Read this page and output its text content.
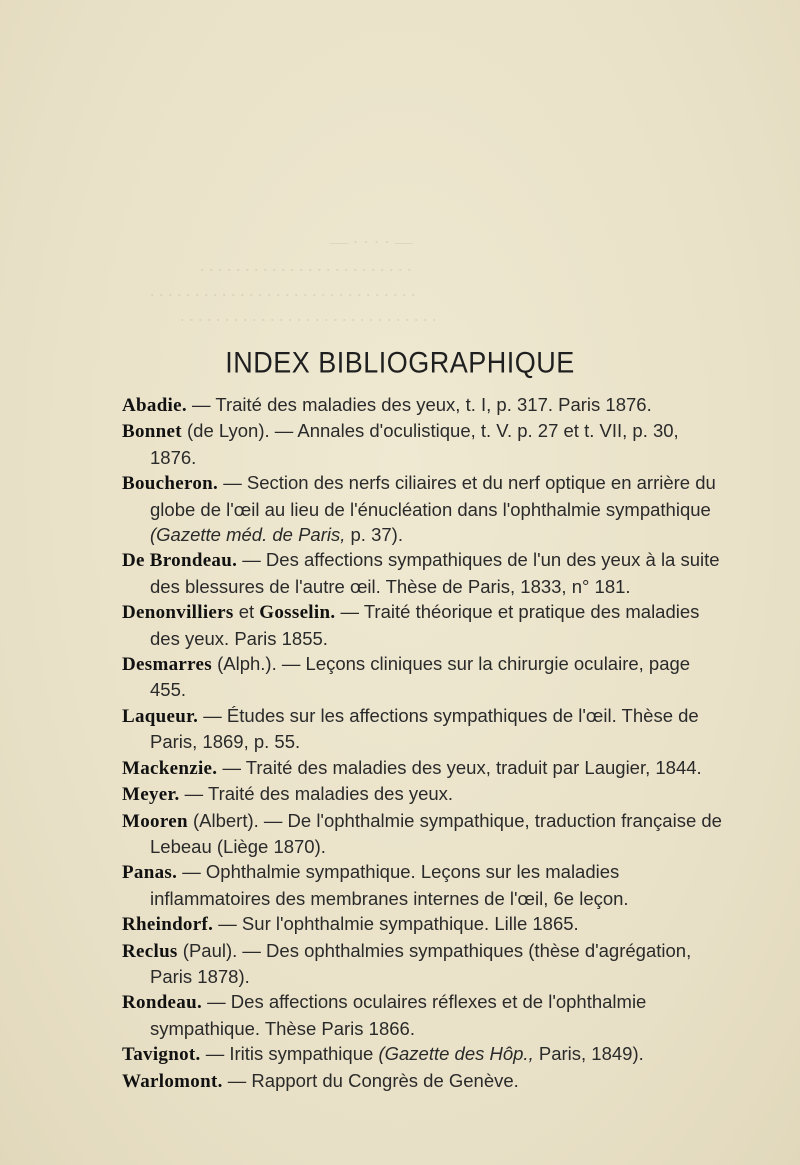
— · · · · —
. . . . . . . . . . . . . . . . . . . . . . . .
. . . . . . . . . . . . . . . . . . . . . . . . . . . . . .
. . . . . . . . . . . . . . . . . . . . . . . . . . . . .
INDEX BIBLIOGRAPHIQUE
Abadie. — Traité des maladies des yeux, t. I, p. 317. Paris 1876.
Bonnet (de Lyon). — Annales d'oculistique, t. V. p. 27 et t. VII, p. 30, 1876.
Boucheron. — Section des nerfs ciliaires et du nerf optique en arrière du globe de l'œil au lieu de l'énucléation dans l'ophthalmie sympathique (Gazette méd. de Paris, p. 37).
De Brondeau. — Des affections sympathiques de l'un des yeux à la suite des blessures de l'autre œil. Thèse de Paris, 1833, n° 181.
Denonvilliers et Gosselin. — Traité théorique et pratique des maladies des yeux. Paris 1855.
Desmarres (Alph.). — Leçons cliniques sur la chirurgie oculaire, page 455.
Laqueur. — Études sur les affections sympathiques de l'œil. Thèse de Paris, 1869, p. 55.
Mackenzie. — Traité des maladies des yeux, traduit par Laugier, 1844.
Meyer. — Traité des maladies des yeux.
Mooren (Albert). — De l'ophthalmie sympathique, traduction française de Lebeau (Liège 1870).
Panas. — Ophthalmie sympathique. Leçons sur les maladies inflammatoires des membranes internes de l'œil, 6e leçon.
Rheindorf. — Sur l'ophthalmie sympathique. Lille 1865.
Reclus (Paul). — Des ophthalmies sympathiques (thèse d'agrégation, Paris 1878).
Rondeau. — Des affections oculaires réflexes et de l'ophthalmie sympathique. Thèse Paris 1866.
Tavignot. — Iritis sympathique (Gazette des Hôp., Paris, 1849).
Warlomont. — Rapport du Congrès de Genève.
